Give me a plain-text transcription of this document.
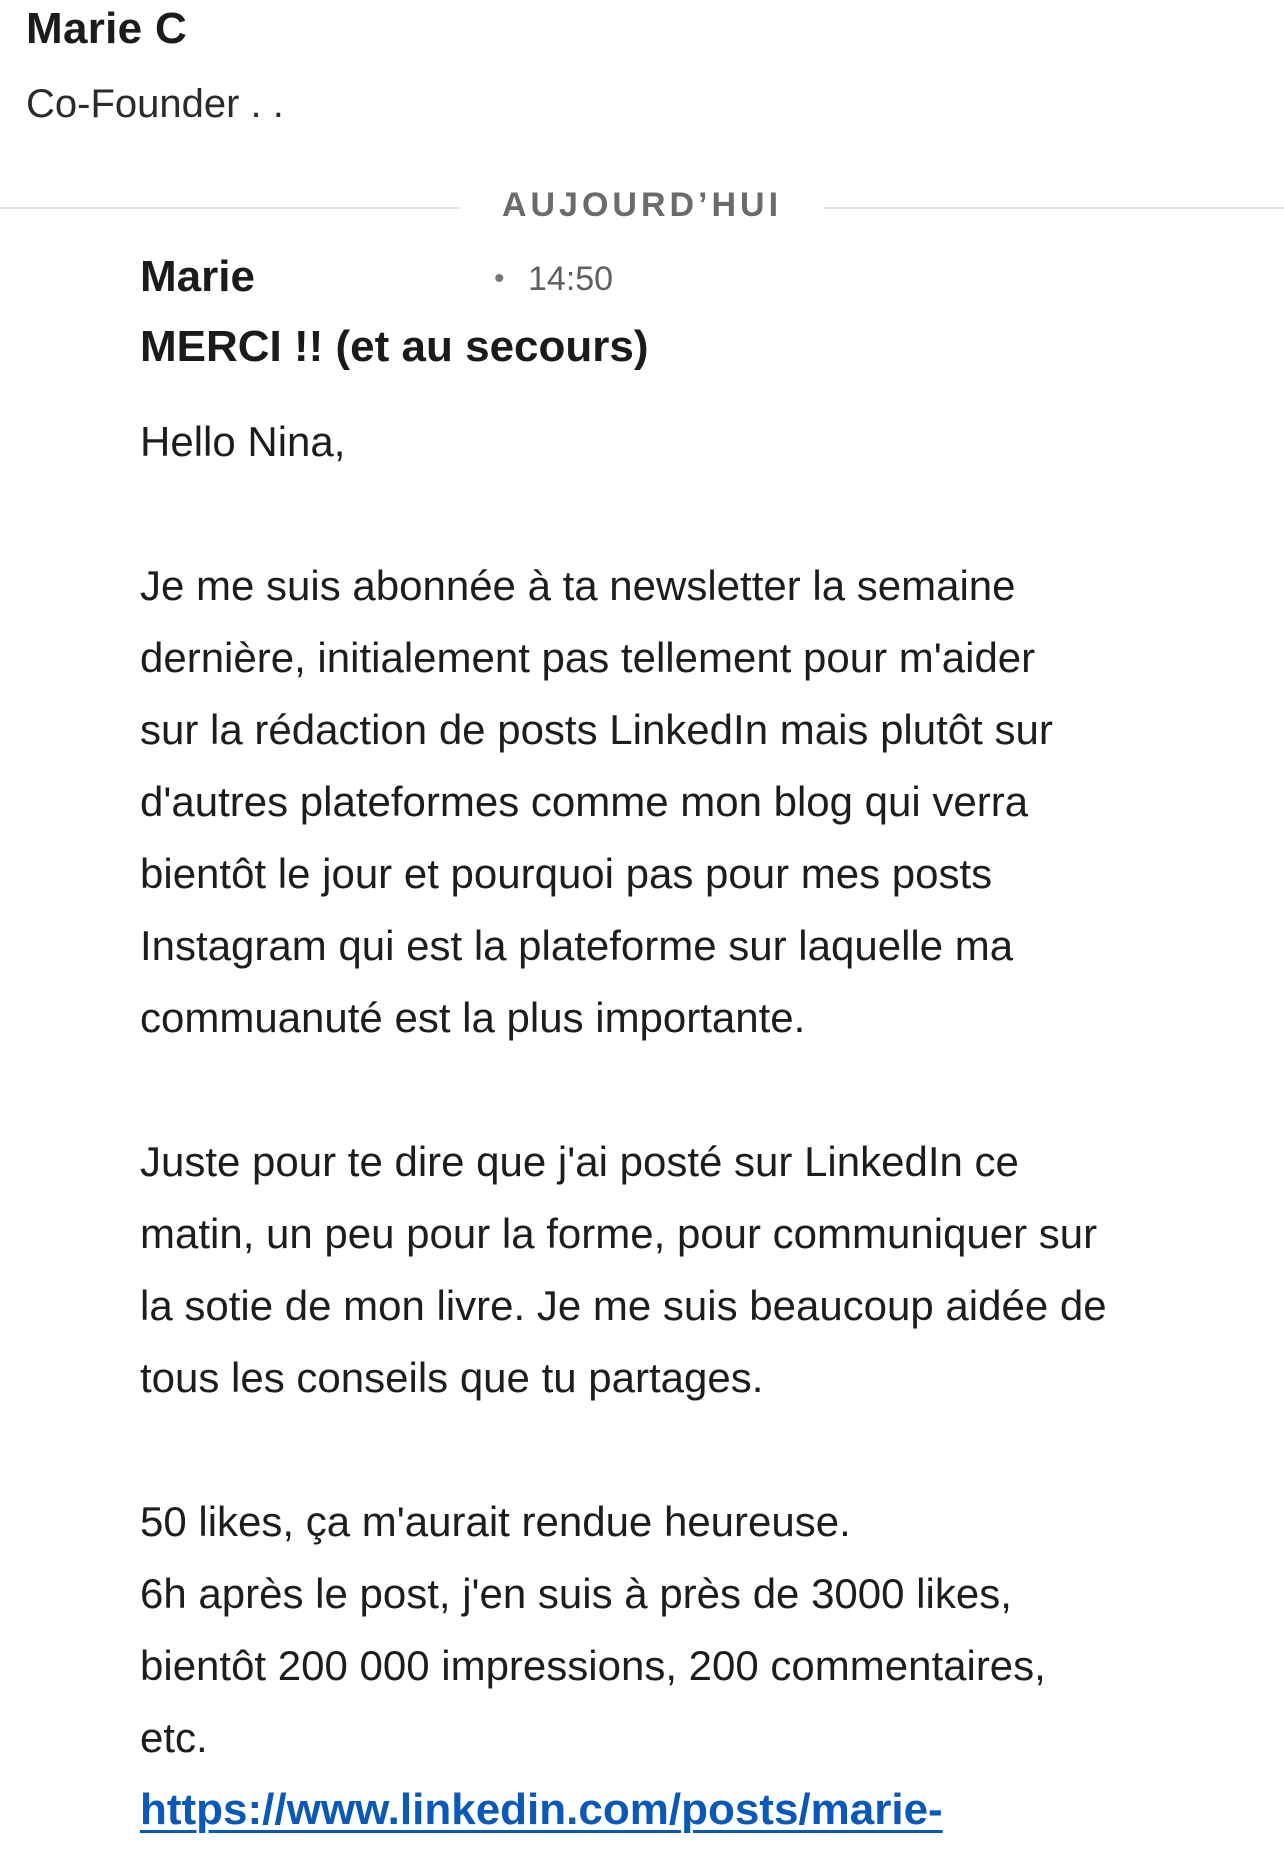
Marie C
Co-Founder . .
AUJOURD’HUI
Marie	• 14:50
MERCI !! (et au secours)
Hello Nina,
Je me suis abonnée à ta newsletter la semaine
dernière, initialement pas tellement pour m'aider
sur la rédaction de posts LinkedIn mais plutôt sur
d'autres plateformes comme mon blog qui verra
bientôt le jour et pourquoi pas pour mes posts
Instagram qui est la plateforme sur laquelle ma
commuanuté est la plus importante.
Juste pour te dire que j'ai posté sur LinkedIn ce
matin, un peu pour la forme, pour communiquer sur
la sotie de mon livre. Je me suis beaucoup aidée de
tous les conseils que tu partages.
50 likes, ça m'aurait rendue heureuse.
6h après le post, j'en suis à près de 3000 likes,
bientôt 200 000 impressions, 200 commentaires,
etc.
https://www.linkedin.com/posts/marie-
